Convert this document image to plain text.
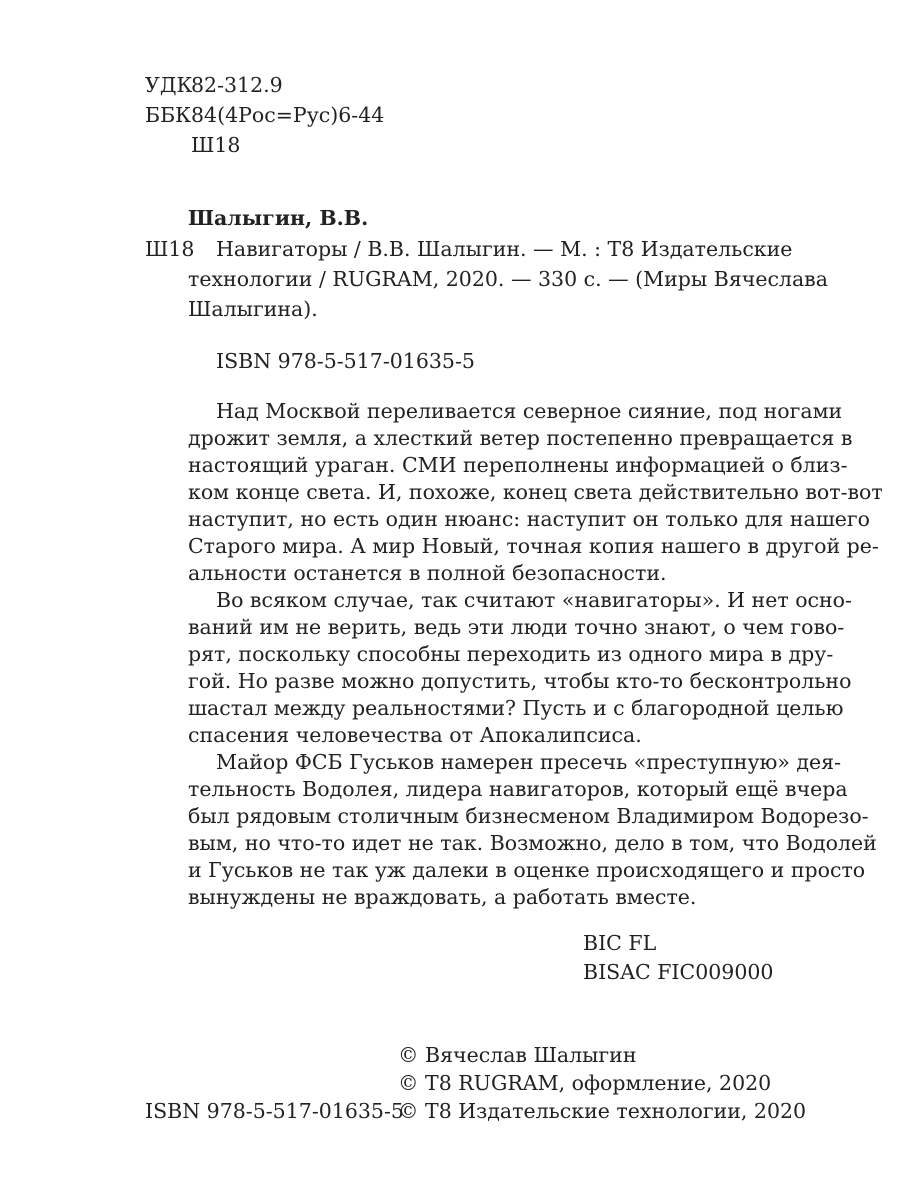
УДК
82-312.9
ББК 84(4Рос=Рус)6-44
Ш18
Шалыгин, В.В.
Ш18 Навигаторы / В.В. Шалыгин. — М. : Т8 Издательские
технологии / RUGRAM, 2020. — 330 с. — (Миры Вячеслава
Шалыгина).
ISBN 978-5-517-01635-5
Над Москвой переливается северное сияние, под ногами
дрожит земля, а хлесткий ветер постепенно превращается в
настоящий ураган. СМИ переполнены информацией о близ-
ком конце света. И, похоже, конец света действительно вот-вот
наступит, но есть один нюанс: наступит он только для нашего
Старого мира. А мир Новый, точная копия нашего в другой ре-
альности останется в полной безопасности.
Во всяком случае, так считают «навигаторы». И нет осно-
ваний им не верить, ведь эти люди точно знают, о чем гово-
рят, поскольку способны переходить из одного мира в дру-
гой. Но разве можно допустить, чтобы кто-то бесконтрольно
шастал между реальностями? Пусть и с благородной целью
спасения человечества от Апокалипсиса.
Майор ФСБ Гуськов намерен пресечь «преступную» дея-
тельность Водолея, лидера навигаторов, который ещё вчера
был рядовым столичным бизнесменом Владимиром Водорезо-
вым, но что-то идет не так. Возможно, дело в том, что Водолей
и Гуськов не так уж далеки в оценке происходящего и просто
вынуждены не враждовать, а работать вместе.
BIC FL
BISAC FIC009000
© Вячеслав Шалыгин
© Т8 RUGRAM, оформление, 2020
ISBN 978-5-517-01635-5
© Т8 Издательские технологии, 2020
